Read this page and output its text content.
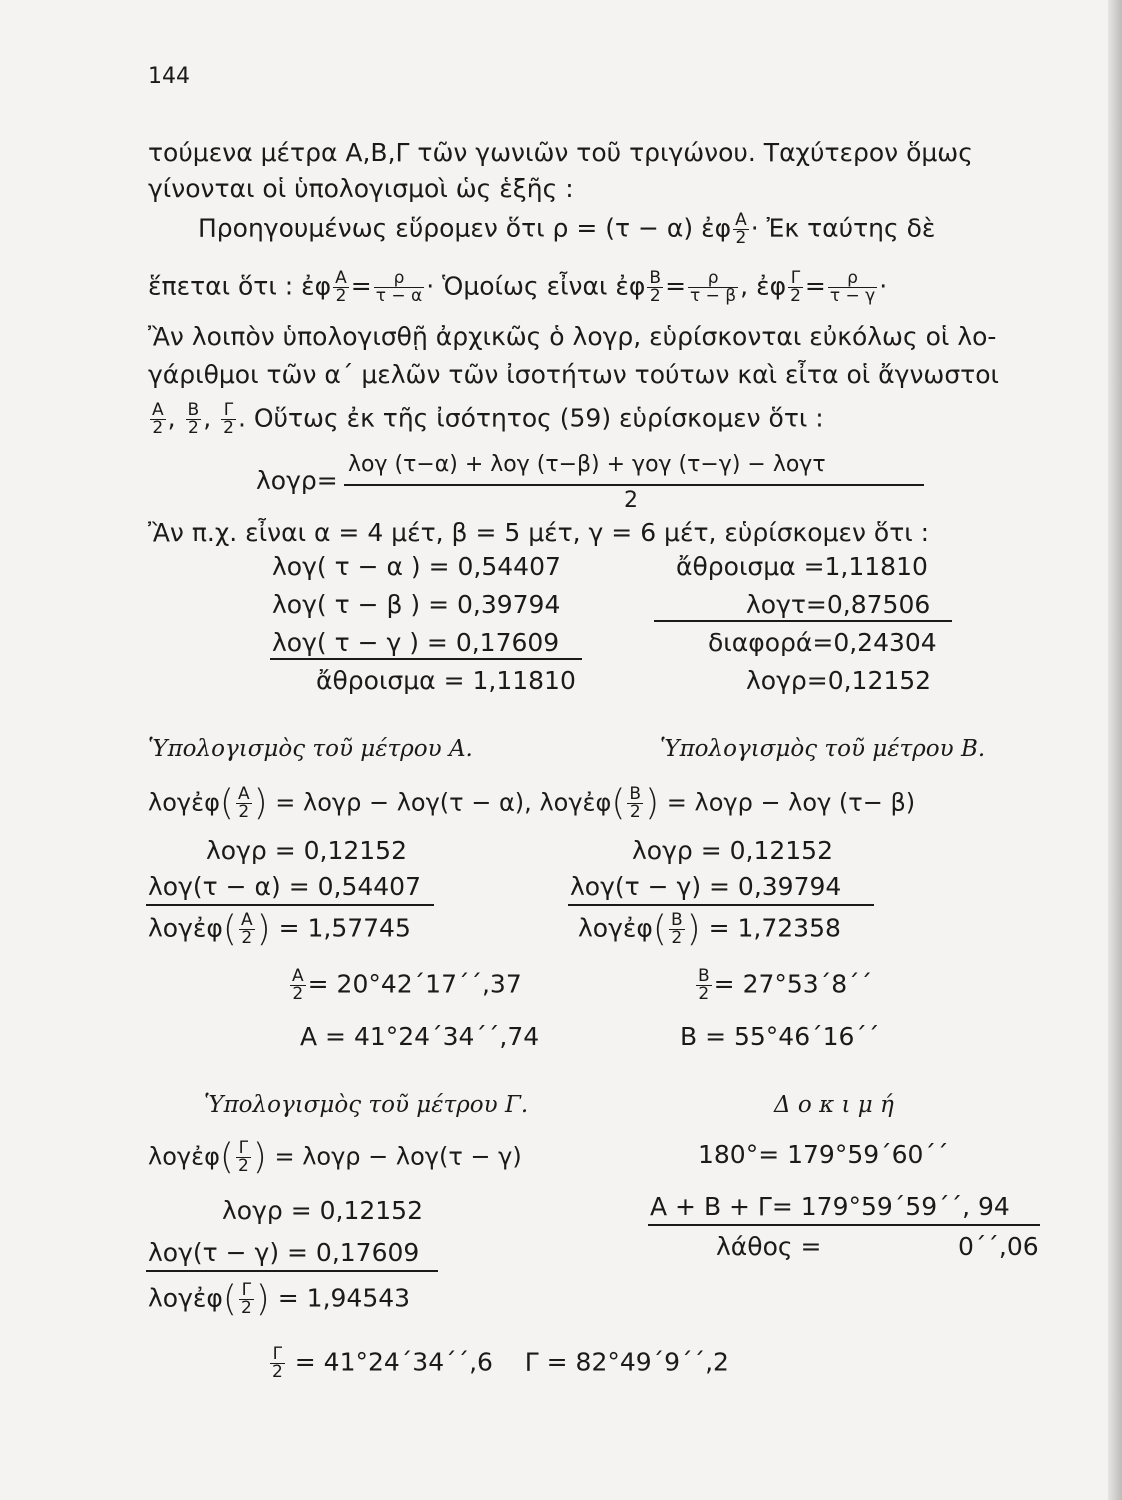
144
τούμενα μέτρα Α,Β,Γ τῶν γωνιῶν τοῦ τριγώνου. Ταχύτερον ὅμως
γίνονται οἱ ὑπολογισμοὶ ὡς ἑξῆς :
Προηγουμένως εὕρομεν ὅτι ρ = (τ − α) ἐφ $\frac{A}{2}$ · Ἐκ ταύτης δὲ
ἕπεται ὅτι : ἐφ $\frac{A}{2} = \frac{\rho}{\tau - \alpha}$ · Ὁμοίως εἶναι ἐφ $\frac{B}{2} = \frac{\rho}{\tau - \beta}$ , ἐφ $\frac{\Gamma}{2} = \frac{\rho}{\tau - \gamma}$ ·
Ἂν λοιπὸν ὑπολογισθῇ ἀρχικῶς ὁ λογρ, εὑρίσκονται εὐκόλως οἱ λο-
γάριθμοι τῶν α΄ μελῶν τῶν ἰσοτήτων τούτων καὶ εἶτα οἱ ἄγνωστοι
$\frac{A}{2}$ , $\frac{B}{2}$ , $\frac{\Gamma}{2}$ . Οὕτως ἐκ τῆς ἰσότητος (59) εὑρίσκομεν ὅτι :
λογρ=
λογ (τ−α) + λογ (τ−β) + γογ (τ−γ) − λογτ
2
Ἂν π.χ. εἶναι α = 4 μέτ, β = 5 μέτ, γ = 6 μέτ, εὑρίσκομεν ὅτι :
λογ( τ − α ) = 0,54407
λογ( τ − β ) = 0,39794
λογ( τ − γ ) = 0,17609
ἄθροισμα = 1,11810
ἄθροισμα =1,11810
λογτ=0,87506
διαφορά=0,24304
λογρ=0,12152
Ὑπολογισμὸς τοῦ μέτρου Α.	Ὑπολογισμὸς τοῦ μέτρου Β.
λογἐφ( $\frac{A}{2}$ ) = λογρ − λογ(τ − α), λογἐφ( $\frac{B}{2}$ ) = λογρ − λογ (τ− β)
λογρ = 0,12152
λογ(τ − α) = 0,54407
λογἐφ( $\frac{A}{2}$ ) = 1,57745
$\frac{A}{2} = 20^\circ 42΄17΄΄,37$
Α = 41°24΄34΄΄,74
λογρ = 0,12152
λογ(τ − γ) = 0,39794
λογἐφ( $\frac{B}{2}$ ) = 1,72358
$\frac{B}{2} = 27^\circ 53΄8΄΄$
Β = 55°46΄16΄΄
Ὑπολογισμὸς τοῦ μέτρου Γ.	Δ ο κ ι μ ή
λογἐφ( $\frac{\Gamma}{2}$ ) = λογρ − λογ(τ − γ)
λογρ = 0,12152
λογ(τ − γ) = 0,17609
λογἐφ( $\frac{\Gamma}{2}$ ) = 1,94543
$\frac{\Gamma}{2} = 41^\circ 24΄34΄΄,6$ Γ = 82°49΄9΄΄,2
180°= 179°59΄60΄΄
Α + Β + Γ= 179°59΄59΄΄, 94
λάθος =	0΄΄,06
